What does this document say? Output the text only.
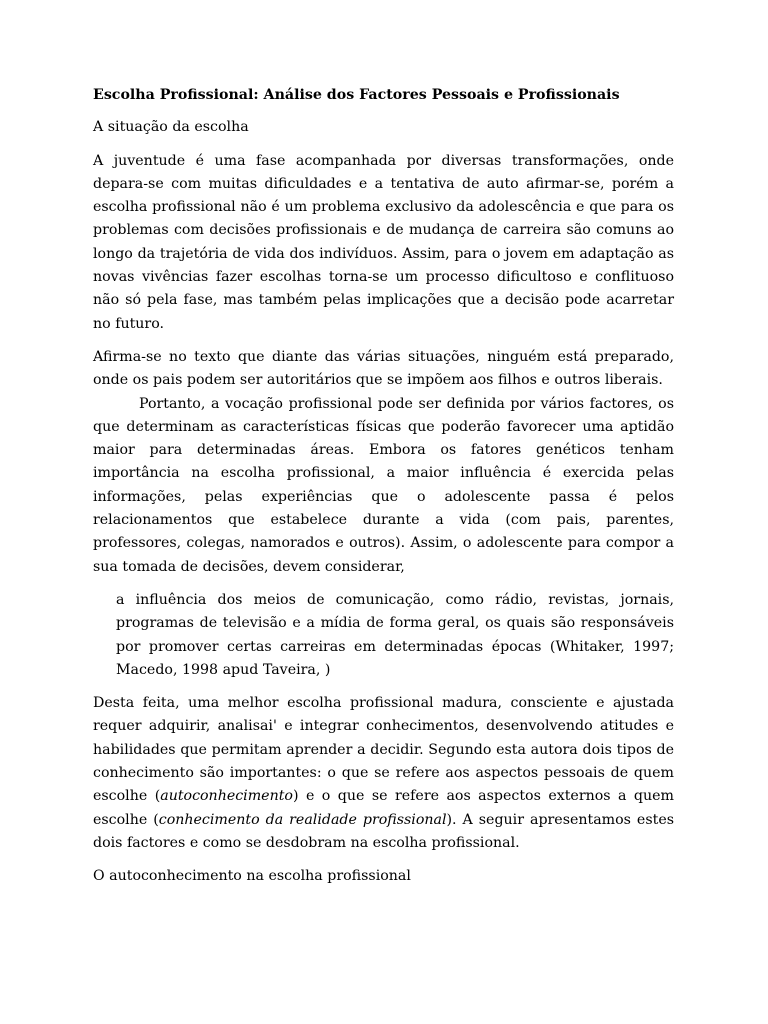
Escolha Profissional: Análise dos Factores Pessoais e Profissionais
A situação da escolha
A juventude é uma fase acompanhada por diversas transformações, onde depara-se com muitas dificuldades e a tentativa de auto afirmar-se, porém a escolha profissional não é um problema exclusivo da adolescência e que para os problemas com decisões profissionais e de mudança de carreira são comuns ao longo da trajetória de vida dos indivíduos. Assim, para o jovem em adaptação as novas vivências fazer escolhas torna-se um processo dificultoso e conflituoso não só pela fase, mas também pelas implicações que a decisão pode acarretar no futuro.
Afirma-se no texto que diante das várias situações, ninguém está preparado, onde os pais podem ser autoritários que se impõem aos filhos e outros liberais.
Portanto, a vocação profissional pode ser definida por vários factores, os que determinam as características físicas que poderão favorecer uma aptidão maior para determinadas áreas. Embora os fatores genéticos tenham importância na escolha profissional, a maior influência é exercida pelas informações, pelas experiências que o adolescente passa é pelos relacionamentos que estabelece durante a vida (com pais, parentes, professores, colegas, namorados e outros). Assim, o adolescente para compor a sua tomada de decisões, devem considerar,
a influência dos meios de comunicação, como rádio, revistas, jornais, programas de televisão e a mídia de forma geral, os quais são responsáveis por promover certas carreiras em determinadas épocas (Whitaker, 1997; Macedo, 1998 apud Taveira, )
Desta feita, uma melhor escolha profissional madura, consciente e ajustada requer adquirir, analisai' e integrar conhecimentos, desenvolvendo atitudes e habilidades que permitam aprender a decidir. Segundo esta autora dois tipos de conhecimento são importantes: o que se refere aos aspectos pessoais de quem escolhe (autoconhecimento) e o que se refere aos aspectos externos a quem escolhe (conhecimento da realidade profissional). A seguir apresentamos estes dois factores e como se desdobram na escolha profissional.
O autoconhecimento na escolha profissional
